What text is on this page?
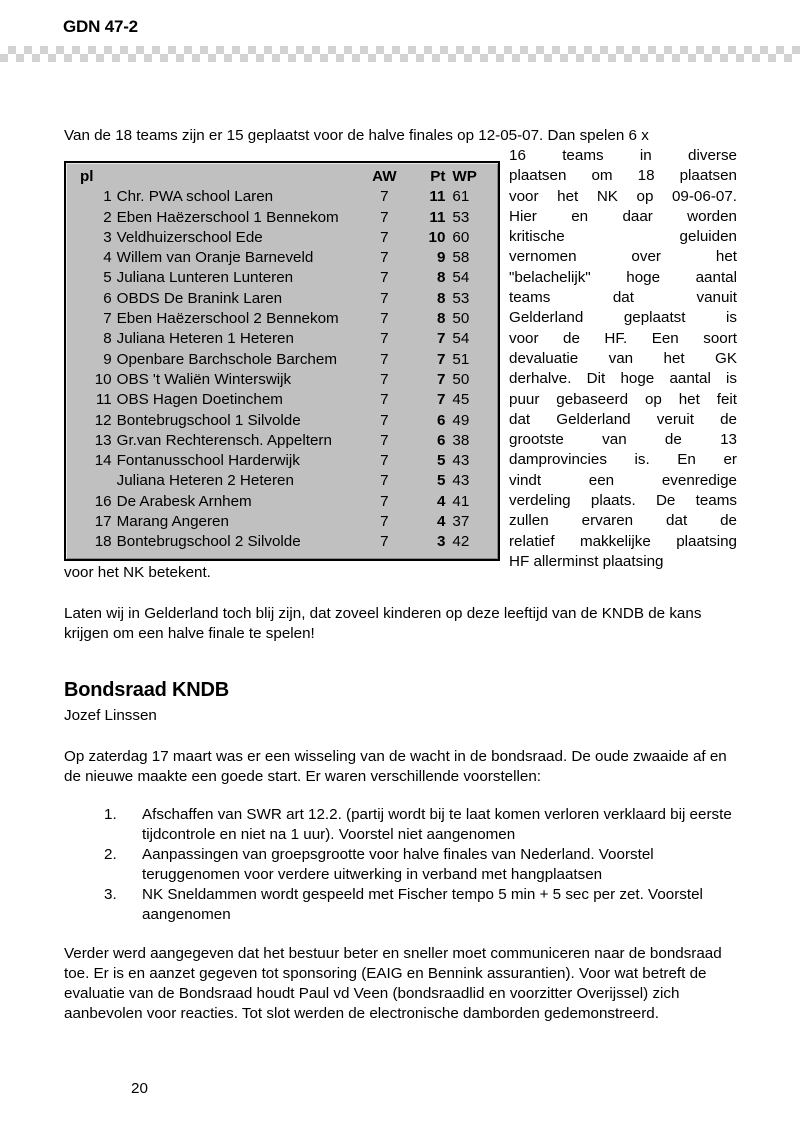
GDN 47-2

Van de 18 teams zijn er 15 geplaatst voor de halve finales op 12-05-07. Dan spelen 6 x

pl		AW	Pt	WP
1	Chr. PWA school Laren	7	11	61
2	Eben Haëzerschool 1 Bennekom	7	11	53
3	Veldhuizerschool Ede	7	10	60
4	Willem van Oranje Barneveld	7	9	58
5	Juliana Lunteren Lunteren	7	8	54
6	OBDS De Branink Laren	7	8	53
7	Eben Haëzerschool 2 Bennekom	7	8	50
8	Juliana Heteren 1 Heteren	7	7	54
9	Openbare Barchschole Barchem	7	7	51
10	OBS 't Waliën Winterswijk	7	7	50
11	OBS Hagen Doetinchem	7	7	45
12	Bontebrugschool 1 Silvolde	7	6	49
13	Gr.van Rechterensch. Appeltern	7	6	38
14	Fontanusschool Harderwijk	7	5	43
	Juliana Heteren 2 Heteren	7	5	43
16	De Arabesk Arnhem	7	4	41
17	Marang Angeren	7	4	37
18	Bontebrugschool 2 Silvolde	7	3	42
16 teams in diverse
plaatsen om 18 plaatsen
voor het NK op 09-06-07.
Hier en daar worden
kritische geluiden
vernomen over het
"belachelijk" hoge aantal
teams dat vanuit
Gelderland geplaatst is
voor de HF. Een soort
devaluatie van het GK
derhalve. Dit hoge aantal is
puur gebaseerd op het feit
dat Gelderland veruit de
grootste van de 13
damprovincies is. En er
vindt een evenredige
verdeling plaats. De teams
zullen ervaren dat de
relatief makkelijke plaatsing
HF allerminst plaatsing

voor het NK betekent.

Laten wij in Gelderland toch blij zijn, dat zoveel kinderen op deze leeftijd van de KNDB de kans krijgen om een halve finale te spelen!

Bondsraad KNDB
Jozef Linssen

Op zaterdag 17 maart was er een wisseling van de wacht in de bondsraad. De oude zwaaide af en de nieuwe maakte een goede start. Er waren verschillende voorstellen:

1.	Afschaffen van SWR art 12.2. (partij wordt bij te laat komen verloren verklaard bij eerste tijdcontrole en niet na 1 uur). Voorstel niet aangenomen
2.	Aanpassingen van groepsgrootte voor halve finales van Nederland. Voorstel teruggenomen voor verdere uitwerking in verband met hangplaatsen
3.	NK Sneldammen wordt gespeeld met Fischer tempo 5 min + 5 sec per zet. Voorstel aangenomen

Verder werd aangegeven dat het bestuur beter en sneller moet communiceren naar de bondsraad toe. Er is en aanzet gegeven tot sponsoring (EAIG en Bennink assurantien). Voor wat betreft de evaluatie van de Bondsraad houdt Paul vd Veen (bondsraadlid en voorzitter Overijssel) zich aanbevolen voor reacties. Tot slot werden de electronische damborden gedemonstreerd.

20
